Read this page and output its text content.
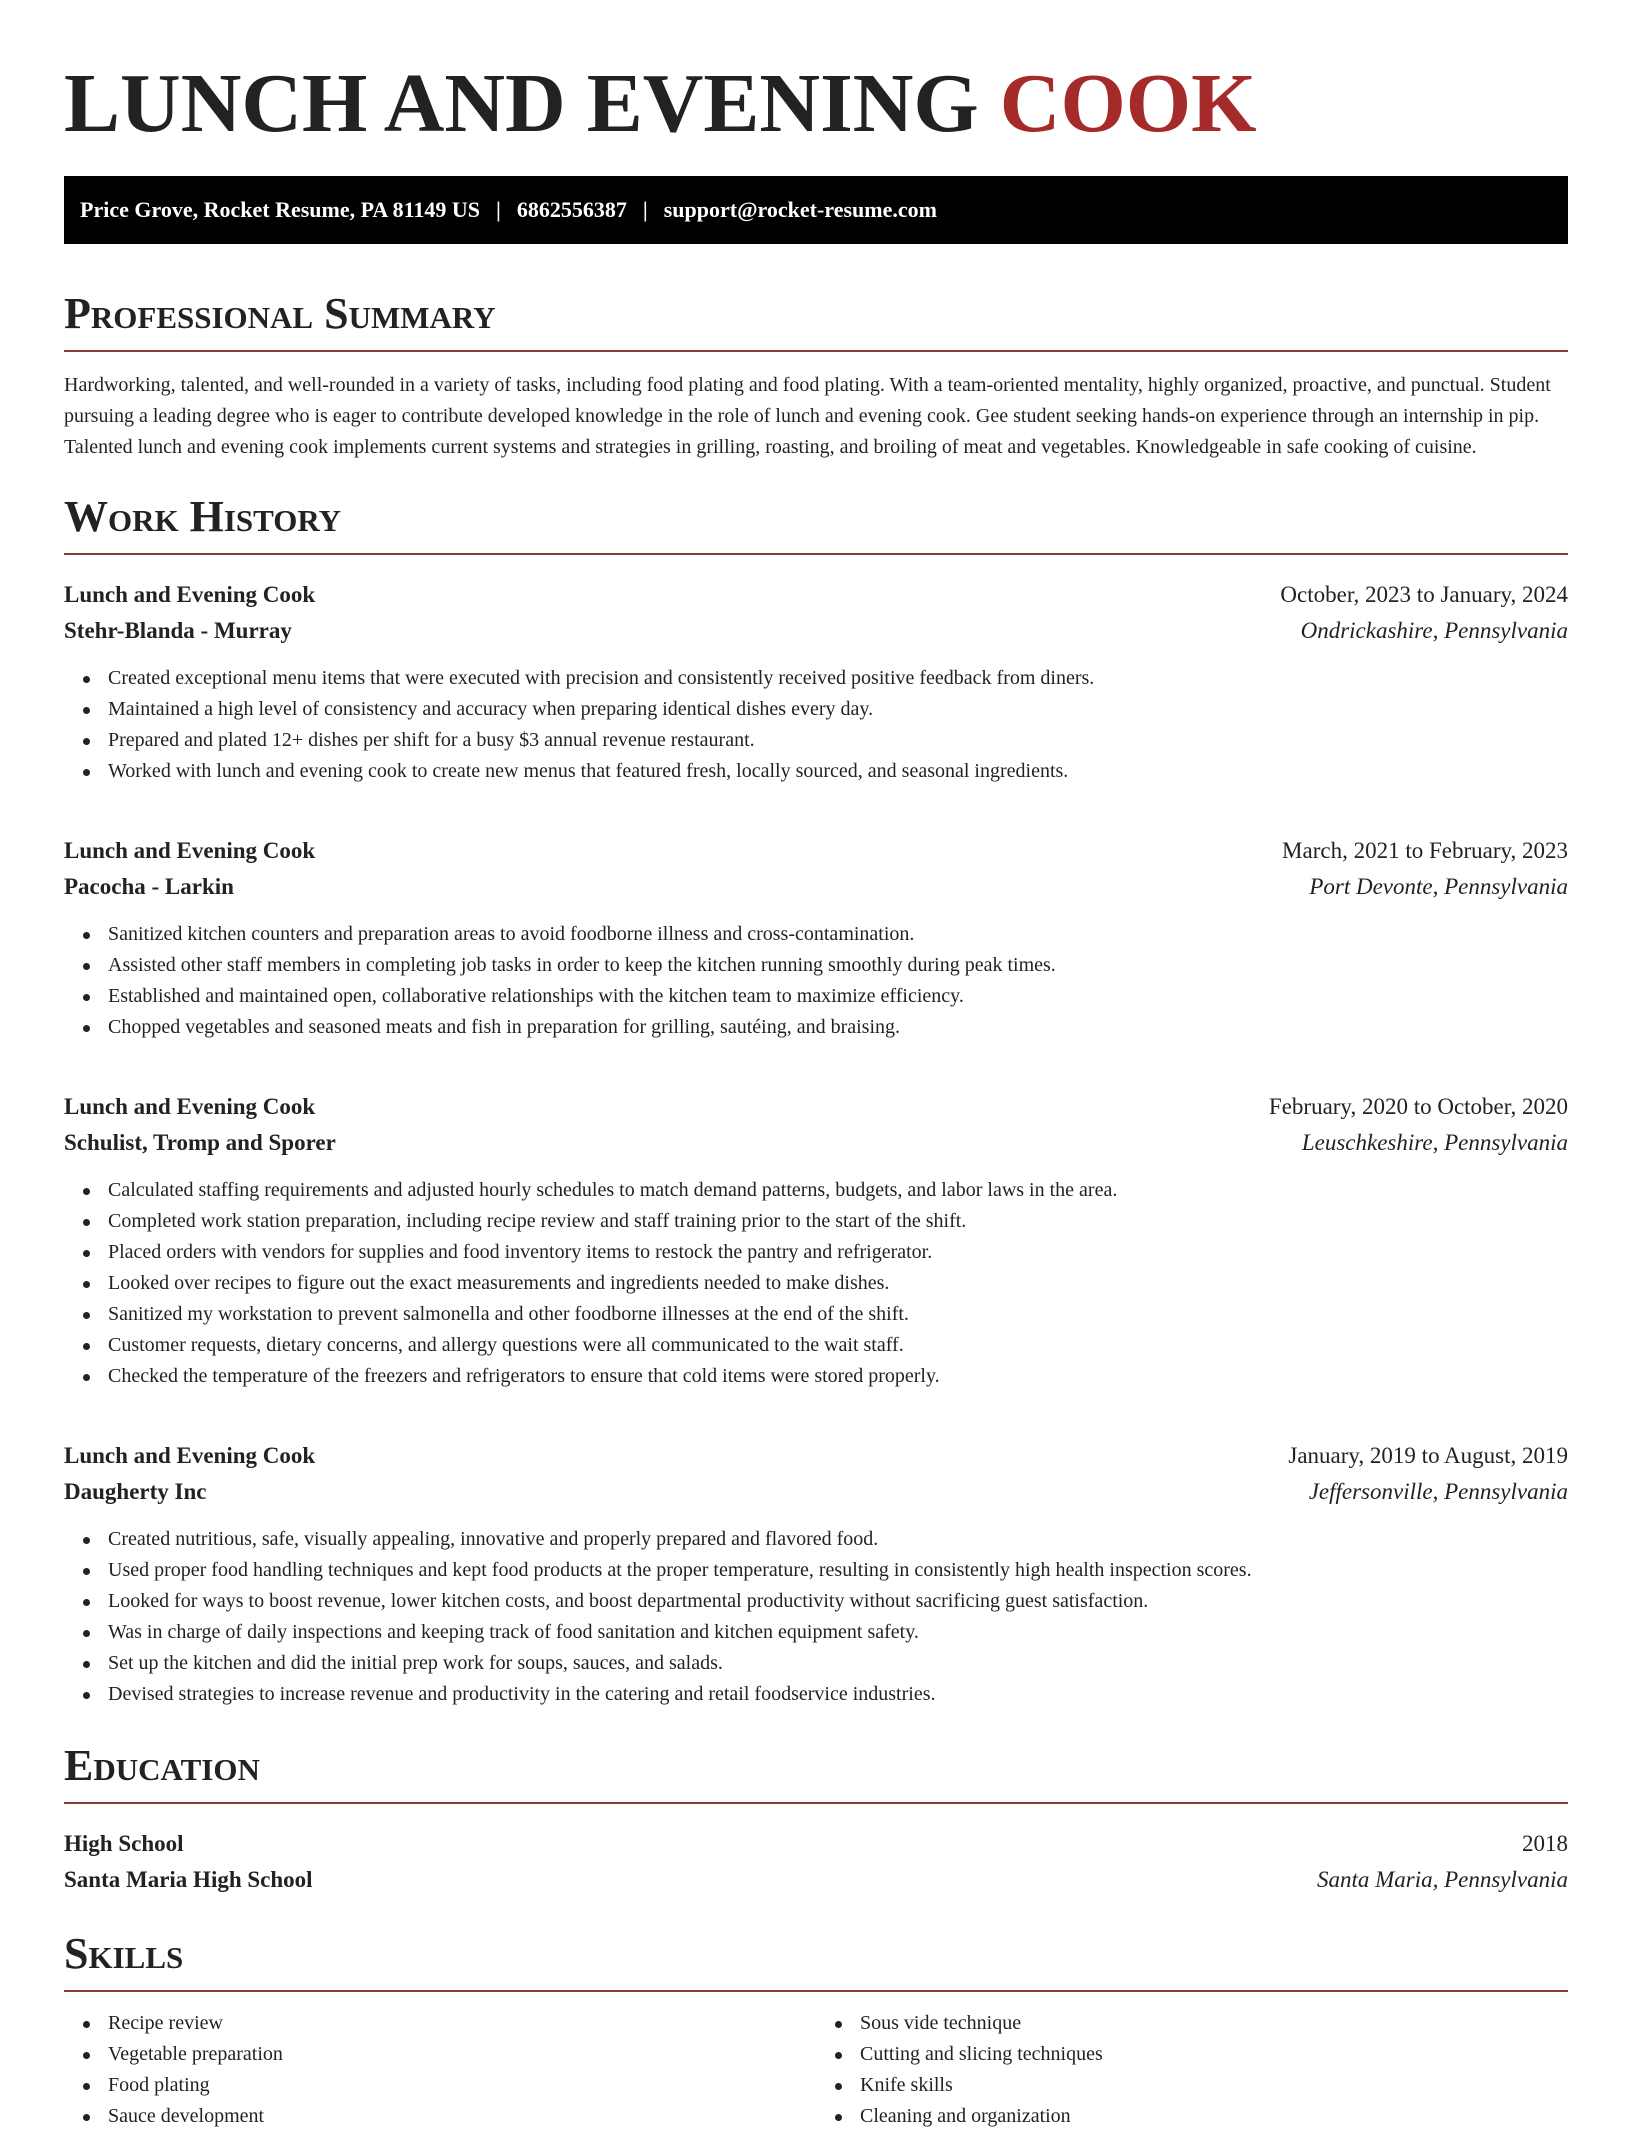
LUNCH AND EVENING COOK
Price Grove, Rocket Resume, PA 81149 US | 6862556387 | support@rocket-resume.com
Professional Summary

Hardworking, talented, and well-rounded in a variety of tasks, including food plating and food plating. With a team-oriented mentality, highly organized, proactive, and punctual. Student pursuing a leading degree who is eager to contribute developed knowledge in the role of lunch and evening cook. Gee student seeking hands-on experience through an internship in pip. Talented lunch and evening cook implements current systems and strategies in grilling, roasting, and broiling of meat and vegetables. Knowledgeable in safe cooking of cuisine.

Work History
Lunch and Evening Cook	October, 2023 to January, 2024
Stehr-Blanda - Murray	Ondrickashire, Pennsylvania
Created exceptional menu items that were executed with precision and consistently received positive feedback from diners.
Maintained a high level of consistency and accuracy when preparing identical dishes every day.
Prepared and plated 12+ dishes per shift for a busy $3 annual revenue restaurant.
Worked with lunch and evening cook to create new menus that featured fresh, locally sourced, and seasonal ingredients.
Lunch and Evening Cook	March, 2021 to February, 2023
Pacocha - Larkin	Port Devonte, Pennsylvania
Sanitized kitchen counters and preparation areas to avoid foodborne illness and cross-contamination.
Assisted other staff members in completing job tasks in order to keep the kitchen running smoothly during peak times.
Established and maintained open, collaborative relationships with the kitchen team to maximize efficiency.
Chopped vegetables and seasoned meats and fish in preparation for grilling, sautéing, and braising.
Lunch and Evening Cook	February, 2020 to October, 2020
Schulist, Tromp and Sporer	Leuschkeshire, Pennsylvania
Calculated staffing requirements and adjusted hourly schedules to match demand patterns, budgets, and labor laws in the area.
Completed work station preparation, including recipe review and staff training prior to the start of the shift.
Placed orders with vendors for supplies and food inventory items to restock the pantry and refrigerator.
Looked over recipes to figure out the exact measurements and ingredients needed to make dishes.
Sanitized my workstation to prevent salmonella and other foodborne illnesses at the end of the shift.
Customer requests, dietary concerns, and allergy questions were all communicated to the wait staff.
Checked the temperature of the freezers and refrigerators to ensure that cold items were stored properly.
Lunch and Evening Cook	January, 2019 to August, 2019
Daugherty Inc	Jeffersonville, Pennsylvania
Created nutritious, safe, visually appealing, innovative and properly prepared and flavored food.
Used proper food handling techniques and kept food products at the proper temperature, resulting in consistently high health inspection scores.
Looked for ways to boost revenue, lower kitchen costs, and boost departmental productivity without sacrificing guest satisfaction.
Was in charge of daily inspections and keeping track of food sanitation and kitchen equipment safety.
Set up the kitchen and did the initial prep work for soups, sauces, and salads.
Devised strategies to increase revenue and productivity in the catering and retail foodservice industries.
Education
High School	2018
Santa Maria High School	Santa Maria, Pennsylvania
Skills
Recipe review
Vegetable preparation
Food plating
Sauce development
Sous vide technique
Cutting and slicing techniques
Knife skills
Cleaning and organization
